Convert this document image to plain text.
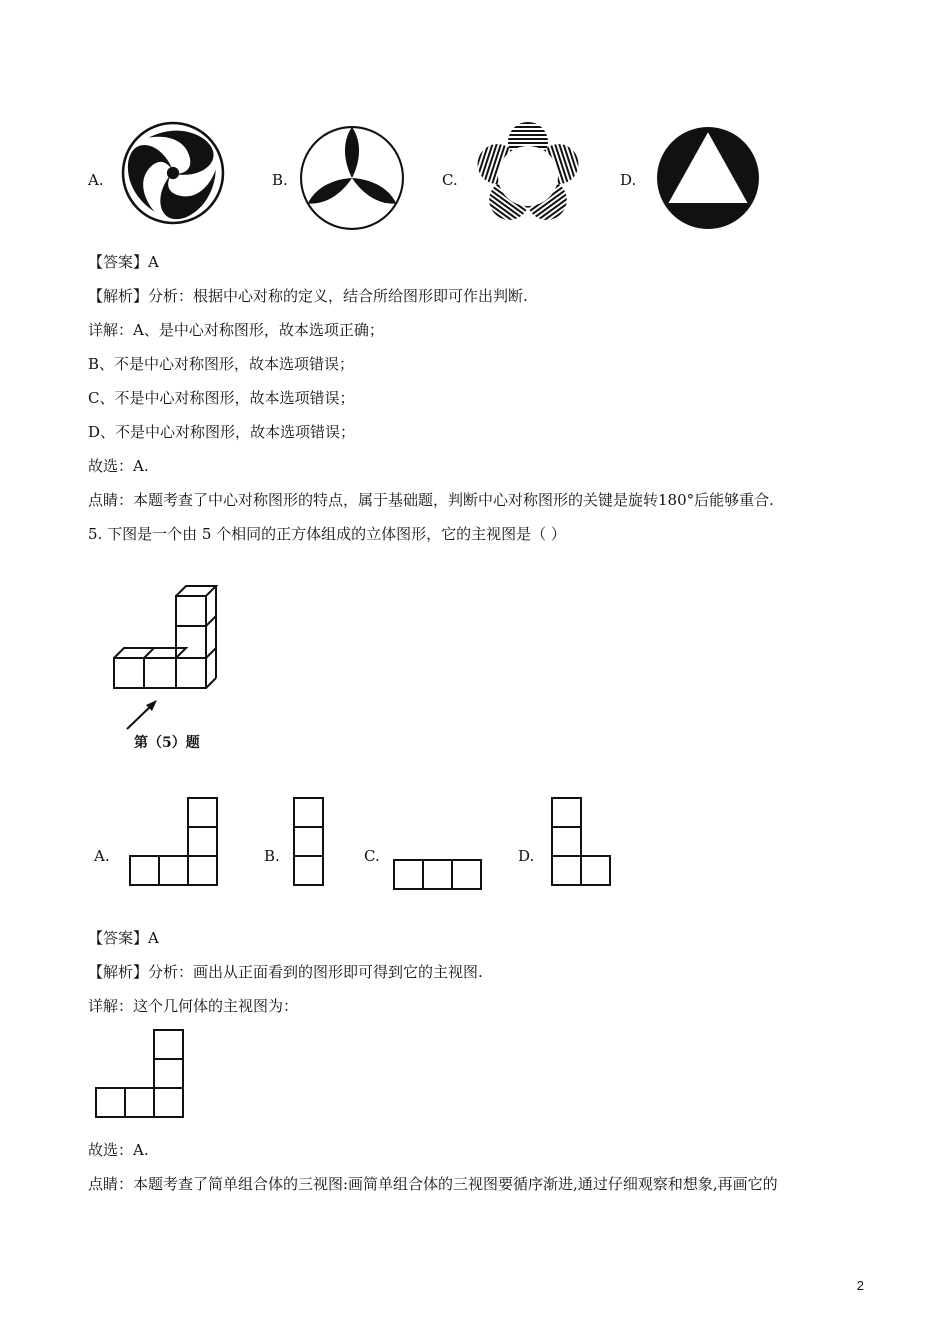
A.	B.	C.	D.
【答案】A
【解析】分析：根据中心对称的定义，结合所给图形即可作出判断.
详解：A、是中心对称图形，故本选项正确；
B、不是中心对称图形，故本选项错误；
C、不是中心对称图形，故本选项错误；
D、不是中心对称图形，故本选项错误；
故选：A.
点睛：本题考查了中心对称图形的特点，属于基础题，判断中心对称图形的关键是旋转180°后能够重合.
5. 下图是一个由 5 个相同的正方体组成的立体图形，它的主视图是（ ）
第（5）题
A.	B.	C.	D.
【答案】A
【解析】分析：画出从正面看到的图形即可得到它的主视图.
详解：这个几何体的主视图为：
故选：A.
点睛：本题考查了简单组合体的三视图:画简单组合体的三视图要循序渐进,通过仔细观察和想象,再画它的
2
